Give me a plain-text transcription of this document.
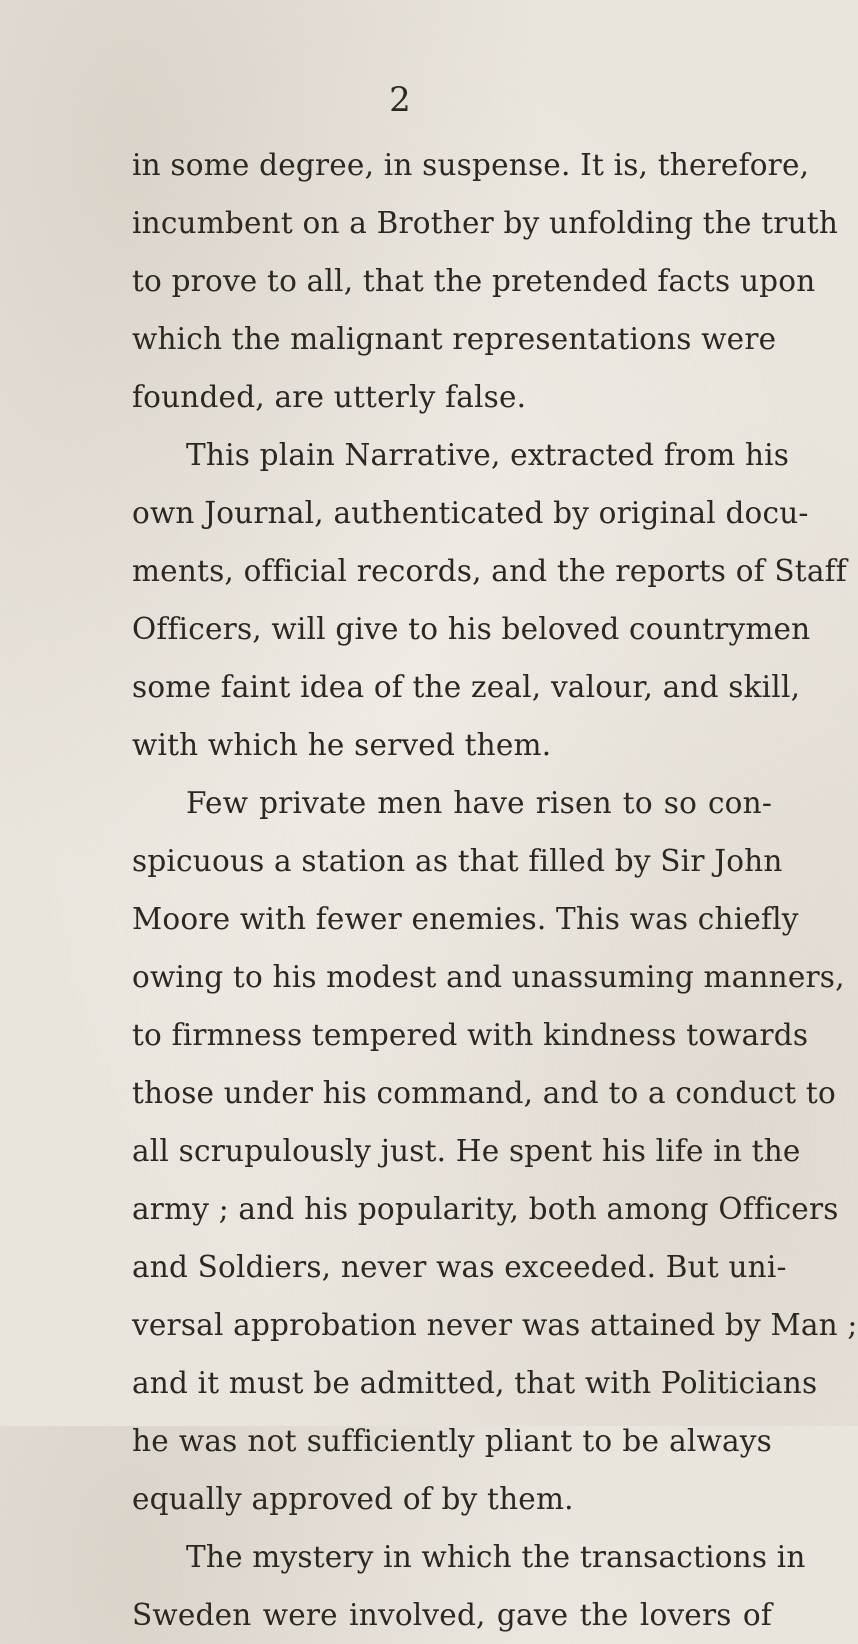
2
in some degree, in suspense. It is, therefore,
incumbent on a Brother by unfolding the truth
to prove to all, that the pretended facts upon
which the malignant representations were
founded, are utterly false.
This plain Narrative, extracted from his
own Journal, authenticated by original docu-
ments, official records, and the reports of Staff
Officers, will give to his beloved countrymen
some faint idea of the zeal, valour, and skill,
with which he served them.
Few private men have risen to so con-
spicuous a station as that filled by Sir John
Moore with fewer enemies. This was chiefly
owing to his modest and unassuming manners,
to firmness tempered with kindness towards
those under his command, and to a conduct to
all scrupulously just. He spent his life in the
army ; and his popularity, both among Officers
and Soldiers, never was exceeded. But uni-
versal approbation never was attained by Man ;
and it must be admitted, that with Politicians
he was not sufficiently pliant to be always
equally approved of by them.
The mystery in which the transactions in
Sweden were involved, gave the lovers of
